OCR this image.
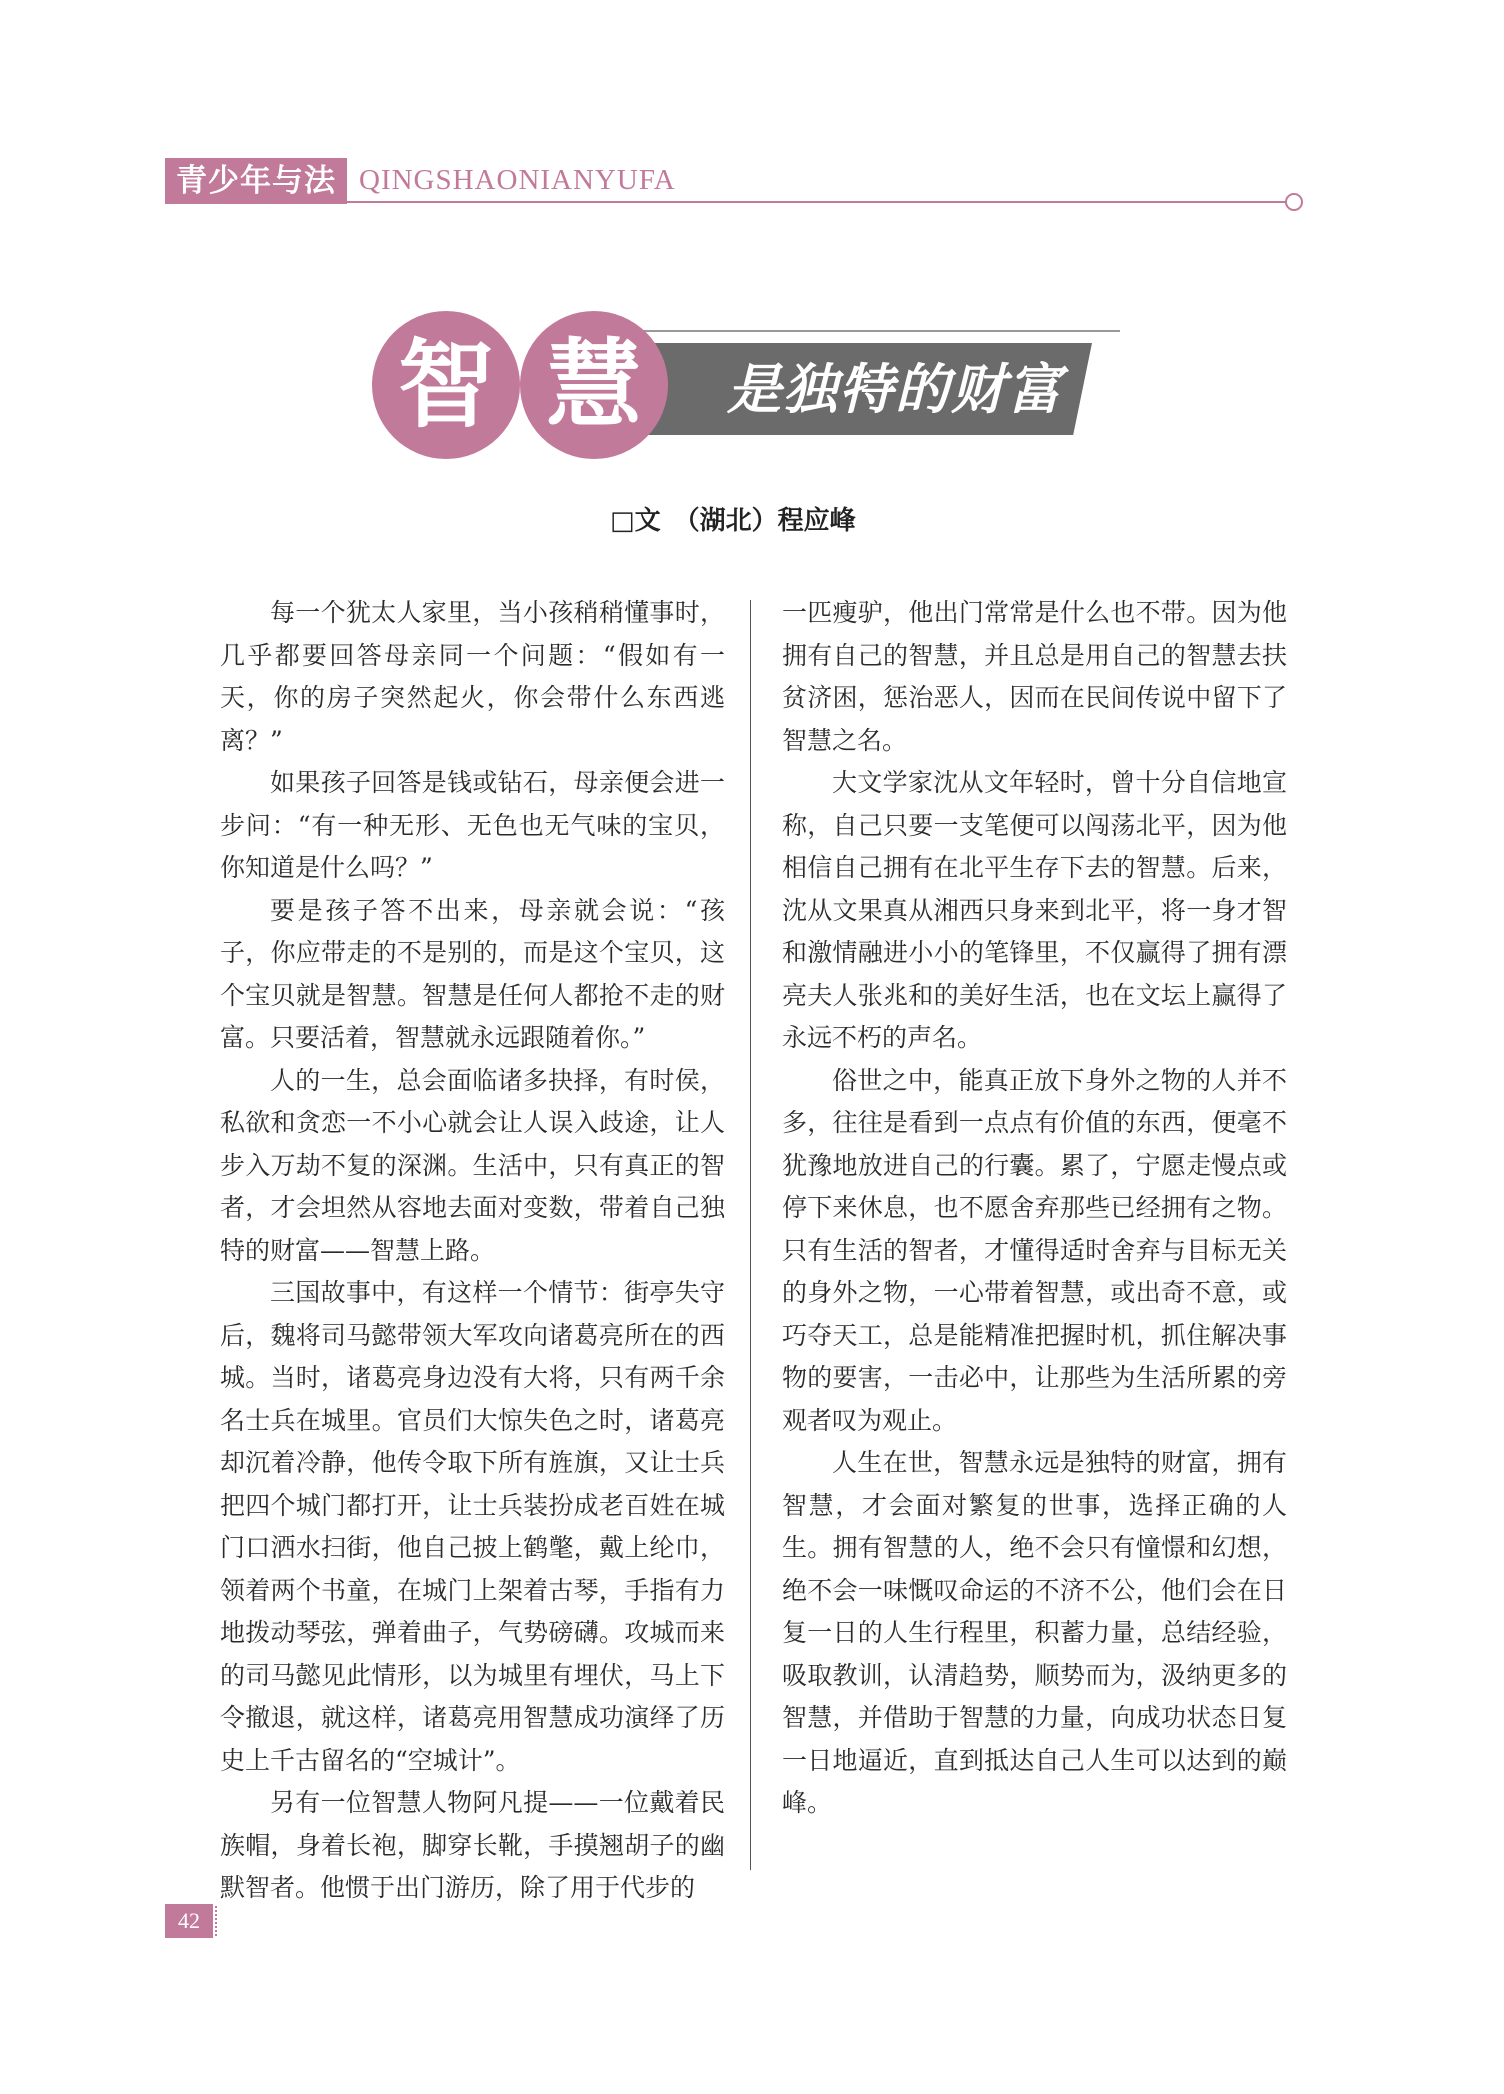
青少年与法 QINGSHAONIANYUFA
是独特的财富
智 慧
□文　（湖北）程应峰

每一个犹太人家里，当小孩稍稍懂事时，几乎都要回答母亲同一个问题：“假如有一天，你的房子突然起火，你会带什么东西逃离？”

如果孩子回答是钱或钻石，母亲便会进一步问：“有一种无形、无色也无气味的宝贝，你知道是什么吗？”

要是孩子答不出来，母亲就会说：“孩子，你应带走的不是别的，而是这个宝贝，这个宝贝就是智慧。智慧是任何人都抢不走的财富。只要活着，智慧就永远跟随着你。”

人的一生，总会面临诸多抉择，有时侯，私欲和贪恋一不小心就会让人误入歧途，让人步入万劫不复的深渊。生活中，只有真正的智者，才会坦然从容地去面对变数，带着自己独特的财富——智慧上路。

三国故事中，有这样一个情节：街亭失守后，魏将司马懿带领大军攻向诸葛亮所在的西城。当时，诸葛亮身边没有大将，只有两千余名士兵在城里。官员们大惊失色之时，诸葛亮却沉着冷静，他传令取下所有旌旗，又让士兵把四个城门都打开，让士兵装扮成老百姓在城门口洒水扫街，他自己披上鹤氅，戴上纶巾，领着两个书童，在城门上架着古琴，手指有力地拨动琴弦，弹着曲子，气势磅礴。攻城而来的司马懿见此情形，以为城里有埋伏，马上下令撤退，就这样，诸葛亮用智慧成功演绎了历史上千古留名的“空城计”。

另有一位智慧人物阿凡提——一位戴着民族帽，身着长袍，脚穿长靴，手摸翘胡子的幽默智者。他惯于出门游历，除了用于代步的

一匹瘦驴，他出门常常是什么也不带。因为他拥有自己的智慧，并且总是用自己的智慧去扶贫济困，惩治恶人，因而在民间传说中留下了智慧之名。

大文学家沈从文年轻时，曾十分自信地宣称，自己只要一支笔便可以闯荡北平，因为他相信自己拥有在北平生存下去的智慧。后来，沈从文果真从湘西只身来到北平，将一身才智和激情融进小小的笔锋里，不仅赢得了拥有漂亮夫人张兆和的美好生活，也在文坛上赢得了永远不朽的声名。

俗世之中，能真正放下身外之物的人并不多，往往是看到一点点有价值的东西，便毫不犹豫地放进自己的行囊。累了，宁愿走慢点或停下来休息，也不愿舍弃那些已经拥有之物。只有生活的智者，才懂得适时舍弃与目标无关的身外之物，一心带着智慧，或出奇不意，或巧夺天工，总是能精准把握时机，抓住解决事物的要害，一击必中，让那些为生活所累的旁观者叹为观止。

人生在世，智慧永远是独特的财富，拥有智慧，才会面对繁复的世事，选择正确的人生。拥有智慧的人，绝不会只有憧憬和幻想，绝不会一味慨叹命运的不济不公，他们会在日复一日的人生行程里，积蓄力量，总结经验，吸取教训，认清趋势，顺势而为，汲纳更多的智慧，并借助于智慧的力量，向成功状态日复一日地逼近，直到抵达自己人生可以达到的巅峰。

42
